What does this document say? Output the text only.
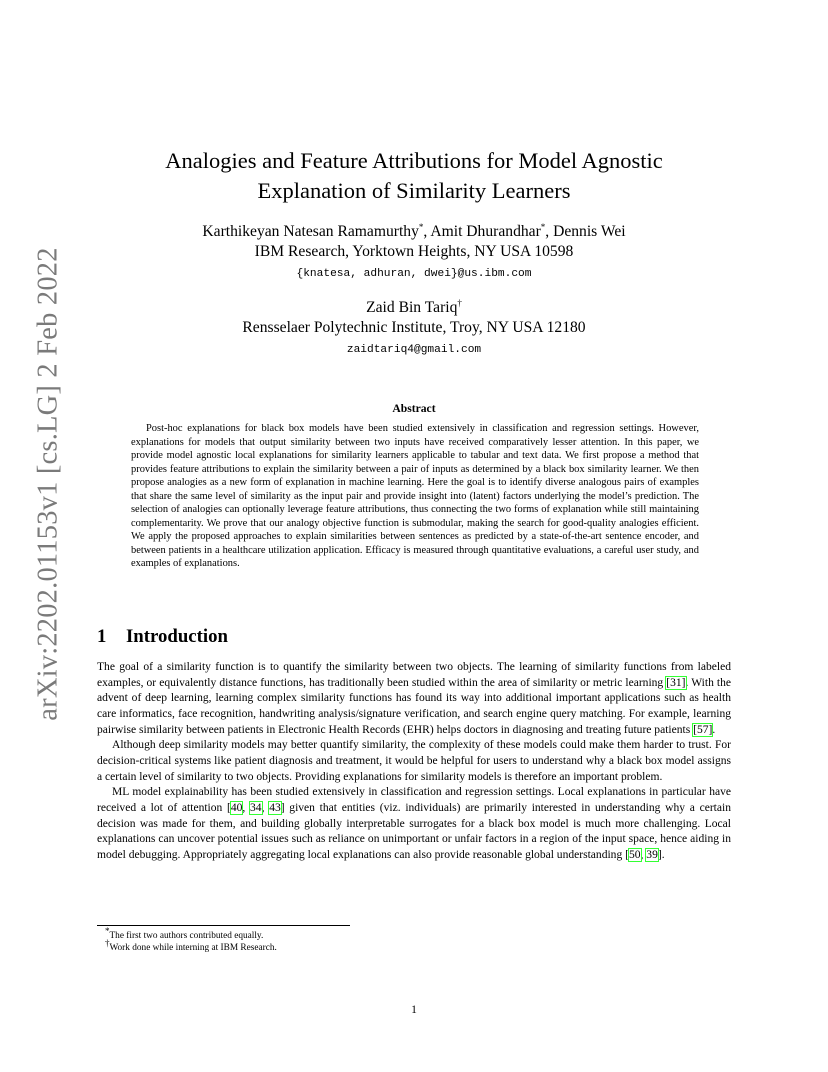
arXiv:2202.01153v1 [cs.LG] 2 Feb 2022
Analogies and Feature Attributions for Model Agnostic
Explanation of Similarity Learners
Karthikeyan Natesan Ramamurthy*, Amit Dhurandhar*, Dennis Wei
IBM Research, Yorktown Heights, NY USA 10598
{knatesa, adhuran, dwei}@us.ibm.com
Zaid Bin Tariq†
Rensselaer Polytechnic Institute, Troy, NY USA 12180
zaidtariq4@gmail.com
Abstract

Post-hoc explanations for black box models have been studied extensively in classification and regression settings. However, explanations for models that output similarity between two inputs have received comparatively lesser attention. In this paper, we provide model agnostic local explanations for similarity learners applicable to tabular and text data. We first propose a method that provides feature attributions to explain the similarity between a pair of inputs as determined by a black box similarity learner. We then propose analogies as a new form of explanation in machine learning. Here the goal is to identify diverse analogous pairs of examples that share the same level of similarity as the input pair and provide insight into (latent) factors underlying the model’s prediction. The selection of analogies can optionally leverage feature attributions, thus connecting the two forms of explanation while still maintaining complementarity. We prove that our analogy objective function is submodular, making the search for good-quality analogies efficient. We apply the proposed approaches to explain similarities between sentences as predicted by a state-of-the-art sentence encoder, and between patients in a healthcare utilization application. Efficacy is measured through quantitative evaluations, a careful user study, and examples of explanations.

1 Introduction

The goal of a similarity function is to quantify the similarity between two objects. The learning of similarity functions from labeled examples, or equivalently distance functions, has traditionally been studied within the area of similarity or metric learning [31]. With the advent of deep learning, learning complex similarity functions has found its way into additional important applications such as health care informatics, face recognition, handwriting analysis/signature verification, and search engine query matching. For example, learning pairwise similarity between patients in Electronic Health Records (EHR) helps doctors in diagnosing and treating future patients [57].

Although deep similarity models may better quantify similarity, the complexity of these models could make them harder to trust. For decision-critical systems like patient diagnosis and treatment, it would be helpful for users to understand why a black box model assigns a certain level of similarity to two objects. Providing explanations for similarity models is therefore an important problem.

ML model explainability has been studied extensively in classification and regression settings. Local explanations in particular have received a lot of attention [40, 34, 43] given that entities (viz. individuals) are primarily interested in understanding why a certain decision was made for them, and building globally interpretable surrogates for a black box model is much more challenging. Local explanations can uncover potential issues such as reliance on unimportant or unfair factors in a region of the input space, hence aiding in model debugging. Appropriately aggregating local explanations can also provide reasonable global understanding [50, 39].

*The first two authors contributed equally.
†Work done while interning at IBM Research.
1
